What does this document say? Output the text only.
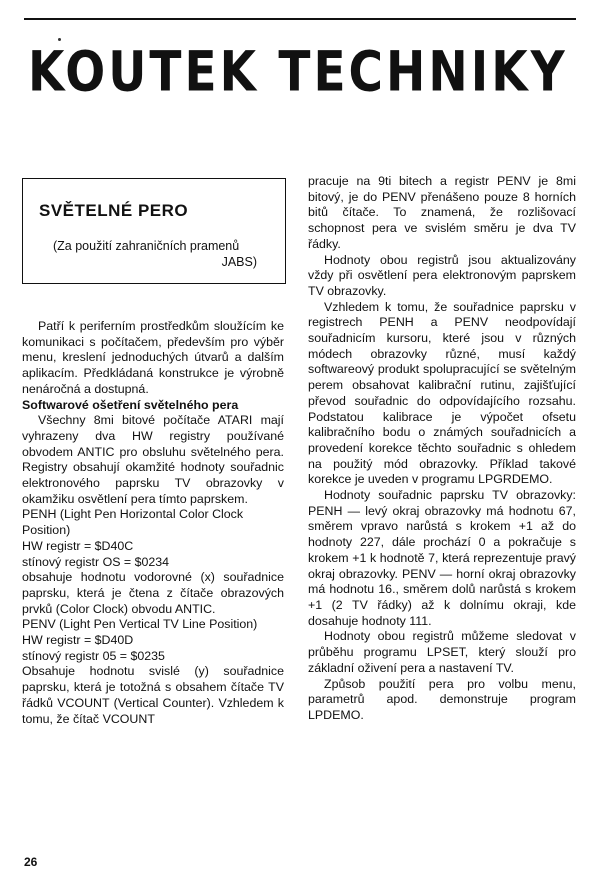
KOUTEK TECHNIKY
SVĚTELNÉ PERO
(Za použití zahraničních pramenů
JABS)

Patří k periferním prostředkům sloužícím ke komunikaci s počítačem, především pro výběr menu, kreslení jednoduchých útvarů a dalším aplikacím. Předkládaná konstrukce je výrobně nenáročná a dostupná.

Softwarové ošetření světelného pera

Všechny 8mi bitové počítače ATARI mají vyhrazeny dva HW registry používané obvodem ANTIC pro obsluhu světelného pera. Registry obsahují okamžité hodnoty souřadnic elektronového paprsku TV obrazovky v okamžiku osvětlení pera tímto paprskem.

PENH (Light Pen Horizontal Color Clock Position)

HW registr = $D40C

stínový registr OS = $0234

obsahuje hodnotu vodorovné (x) souřadnice paprsku, která je čtena z čítače obrazových prvků (Color Clock) obvodu ANTIC.

PENV (Light Pen Vertical TV Line Position)

HW registr = $D40D

stínový registr 05 = $0235

Obsahuje hodnotu svislé (y) souřadnice paprsku, která je totožná s obsahem čítače TV řádků VCOUNT (Vertical Counter). Vzhledem k tomu, že čítač VCOUNT

pracuje na 9ti bitech a registr PENV je 8mi bitový, je do PENV přenášeno pouze 8 horních bitů čítače. To znamená, že rozlišovací schopnost pera ve svislém směru je dva TV řádky.

Hodnoty obou registrů jsou aktualizovány vždy při osvětlení pera elektronovým paprskem TV obrazovky.

Vzhledem k tomu, že souřadnice paprsku v registrech PENH a PENV neodpovídají souřadnicím kursoru, které jsou v různých módech obrazovky různé, musí každý softwareový produkt spolupracující se světelným perem obsahovat kalibrační rutinu, zajišťující převod souřadnic do odpovídajícího rozsahu. Podstatou kalibrace je výpočet ofsetu kalibračního bodu o známých souřadnicích a provedení korekce těchto souřadnic s ohledem na použitý mód obrazovky. Příklad takové korekce je uveden v programu LPGRDEMO.

Hodnoty souřadnic paprsku TV obrazovky: PENH — levý okraj obrazovky má hodnotu 67, směrem vpravo narůstá s krokem +1 až do hodnoty 227, dále prochází 0 a pokračuje s krokem +1 k hodnotě 7, která reprezentuje pravý okraj obrazovky. PENV — horní okraj obrazovky má hodnotu 16., směrem dolů narůstá s krokem +1 (2 TV řádky) až k dolnímu okraji, kde dosahuje hodnoty 111.

Hodnoty obou registrů můžeme sledovat v průběhu programu LPSET, který slouží pro základní oživení pera a nastavení TV.

Způsob použití pera pro volbu menu, parametrů apod. demonstruje program LPDEMO.

26
